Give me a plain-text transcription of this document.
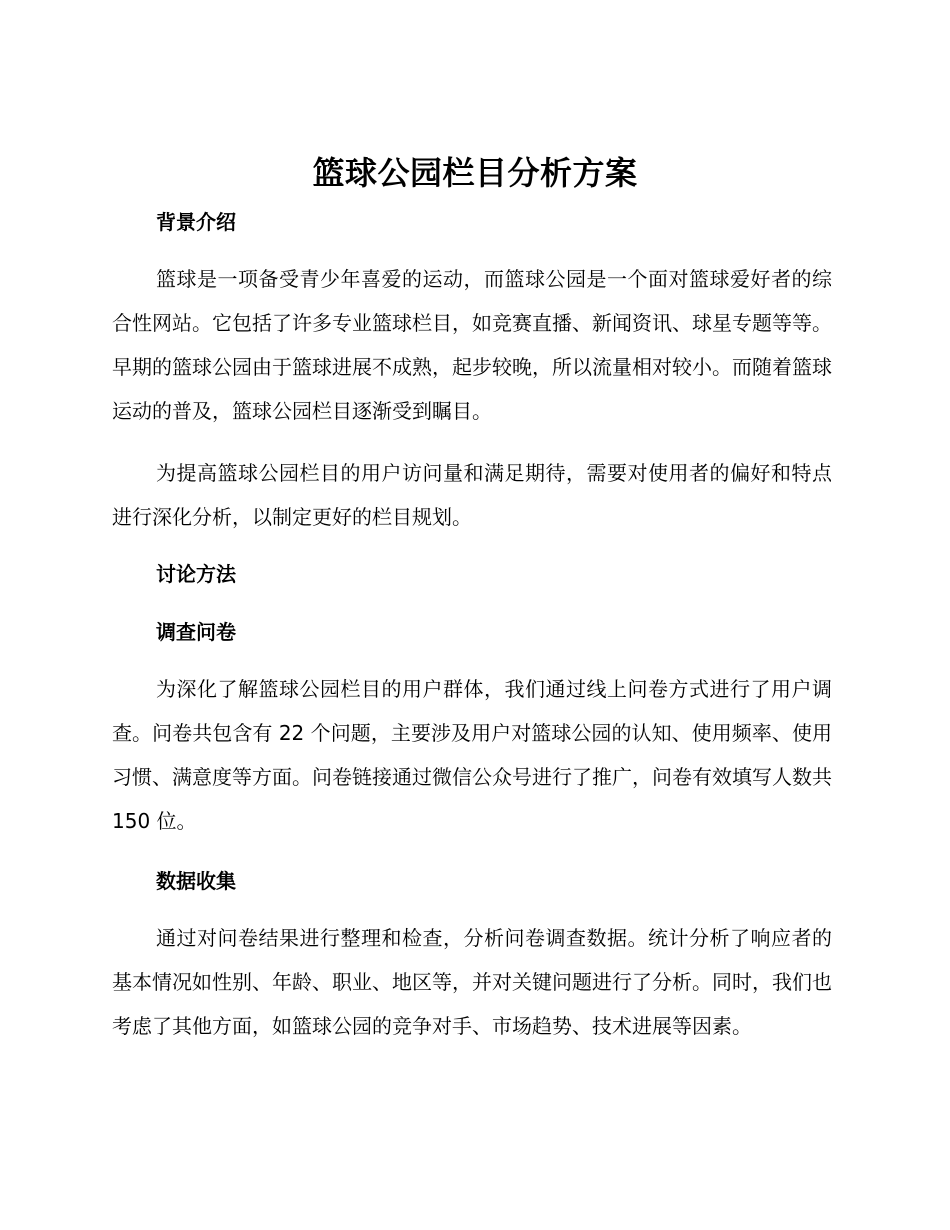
篮球公园栏目分析方案
背景介绍

篮球是一项备受青少年喜爱的运动，而篮球公园是一个面对篮球爱好者的综合性网站。它包括了许多专业篮球栏目，如竞赛直播、新闻资讯、球星专题等等。早期的篮球公园由于篮球进展不成熟，起步较晚，所以流量相对较小。而随着篮球运动的普及，篮球公园栏目逐渐受到瞩目。

为提高篮球公园栏目的用户访问量和满足期待，需要对使用者的偏好和特点进行深化分析，以制定更好的栏目规划。

讨论方法
调查问卷

为深化了解篮球公园栏目的用户群体，我们通过线上问卷方式进行了用户调查。问卷共包含有 22 个问题，主要涉及用户对篮球公园的认知、使用频率、使用习惯、满意度等方面。问卷链接通过微信公众号进行了推广，问卷有效填写人数共 150 位。

数据收集

通过对问卷结果进行整理和检查，分析问卷调查数据。统计分析了响应者的基本情况如性别、年龄、职业、地区等，并对关键问题进行了分析。同时，我们也考虑了其他方面，如篮球公园的竞争对手、市场趋势、技术进展等因素。
